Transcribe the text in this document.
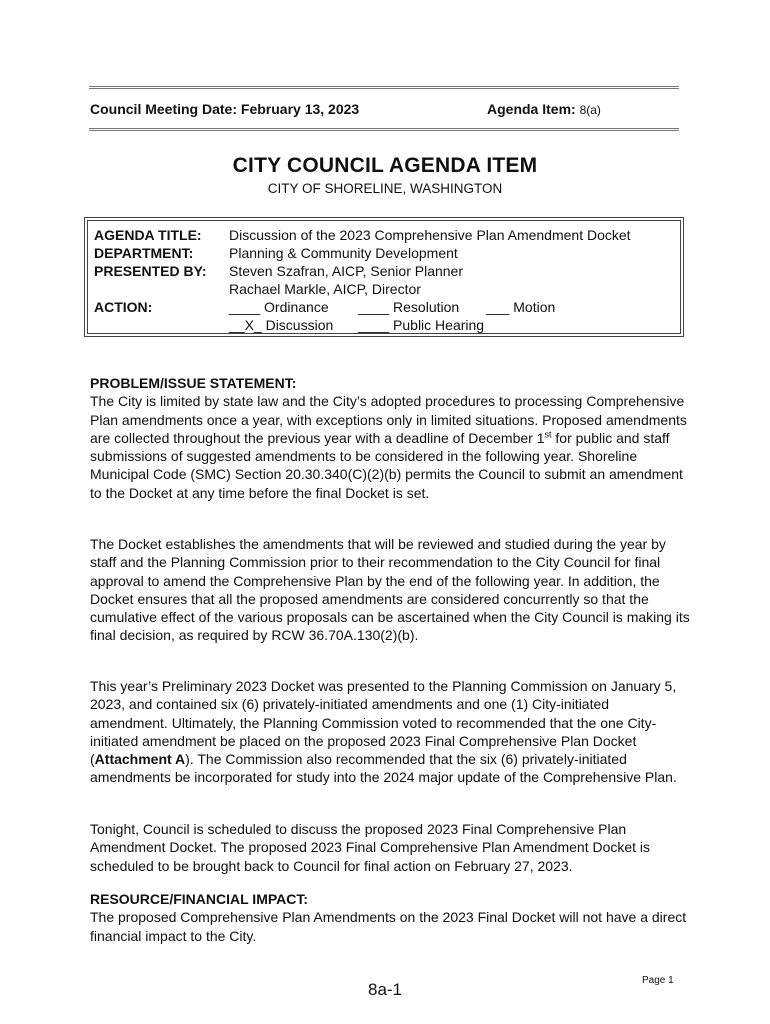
Council Meeting Date: February 13, 2023	Agenda Item: 8(a)
CITY COUNCIL AGENDA ITEM
CITY OF SHORELINE, WASHINGTON
AGENDA TITLE: Discussion of the 2023 Comprehensive Plan Amendment Docket
DEPARTMENT:	Planning & Community Development
PRESENTED BY: Steven Szafran, AICP, Senior Planner
Rachael Markle, AICP, Director
ACTION:	____ Ordinance ____ Resolution ___ Motion
__X_ Discussion ____ Public Hearing

PROBLEM/ISSUE STATEMENT:

The City is limited by state law and the City’s adopted procedures to processing Comprehensive Plan amendments once a year, with exceptions only in limited situations. Proposed amendments are collected throughout the previous year with a deadline of December 1st for public and staff submissions of suggested amendments to be considered in the following year. Shoreline Municipal Code (SMC) Section 20.30.340(C)(2)(b) permits the Council to submit an amendment to the Docket at any time before the final Docket is set.

The Docket establishes the amendments that will be reviewed and studied during the year by staff and the Planning Commission prior to their recommendation to the City Council for final approval to amend the Comprehensive Plan by the end of the following year. In addition, the Docket ensures that all the proposed amendments are considered concurrently so that the cumulative effect of the various proposals can be ascertained when the City Council is making its final decision, as required by RCW 36.70A.130(2)(b).

This year’s Preliminary 2023 Docket was presented to the Planning Commission on January 5, 2023, and contained six (6) privately-initiated amendments and one (1) City-initiated amendment. Ultimately, the Planning Commission voted to recommended that the one City-initiated amendment be placed on the proposed 2023 Final Comprehensive Plan Docket (Attachment A). The Commission also recommended that the six (6) privately-initiated amendments be incorporated for study into the 2024 major update of the Comprehensive Plan.

Tonight, Council is scheduled to discuss the proposed 2023 Final Comprehensive Plan Amendment Docket. The proposed 2023 Final Comprehensive Plan Amendment Docket is scheduled to be brought back to Council for final action on February 27, 2023.

RESOURCE/FINANCIAL IMPACT:

The proposed Comprehensive Plan Amendments on the 2023 Final Docket will not have a direct financial impact to the City.

8a-1	Page 1
